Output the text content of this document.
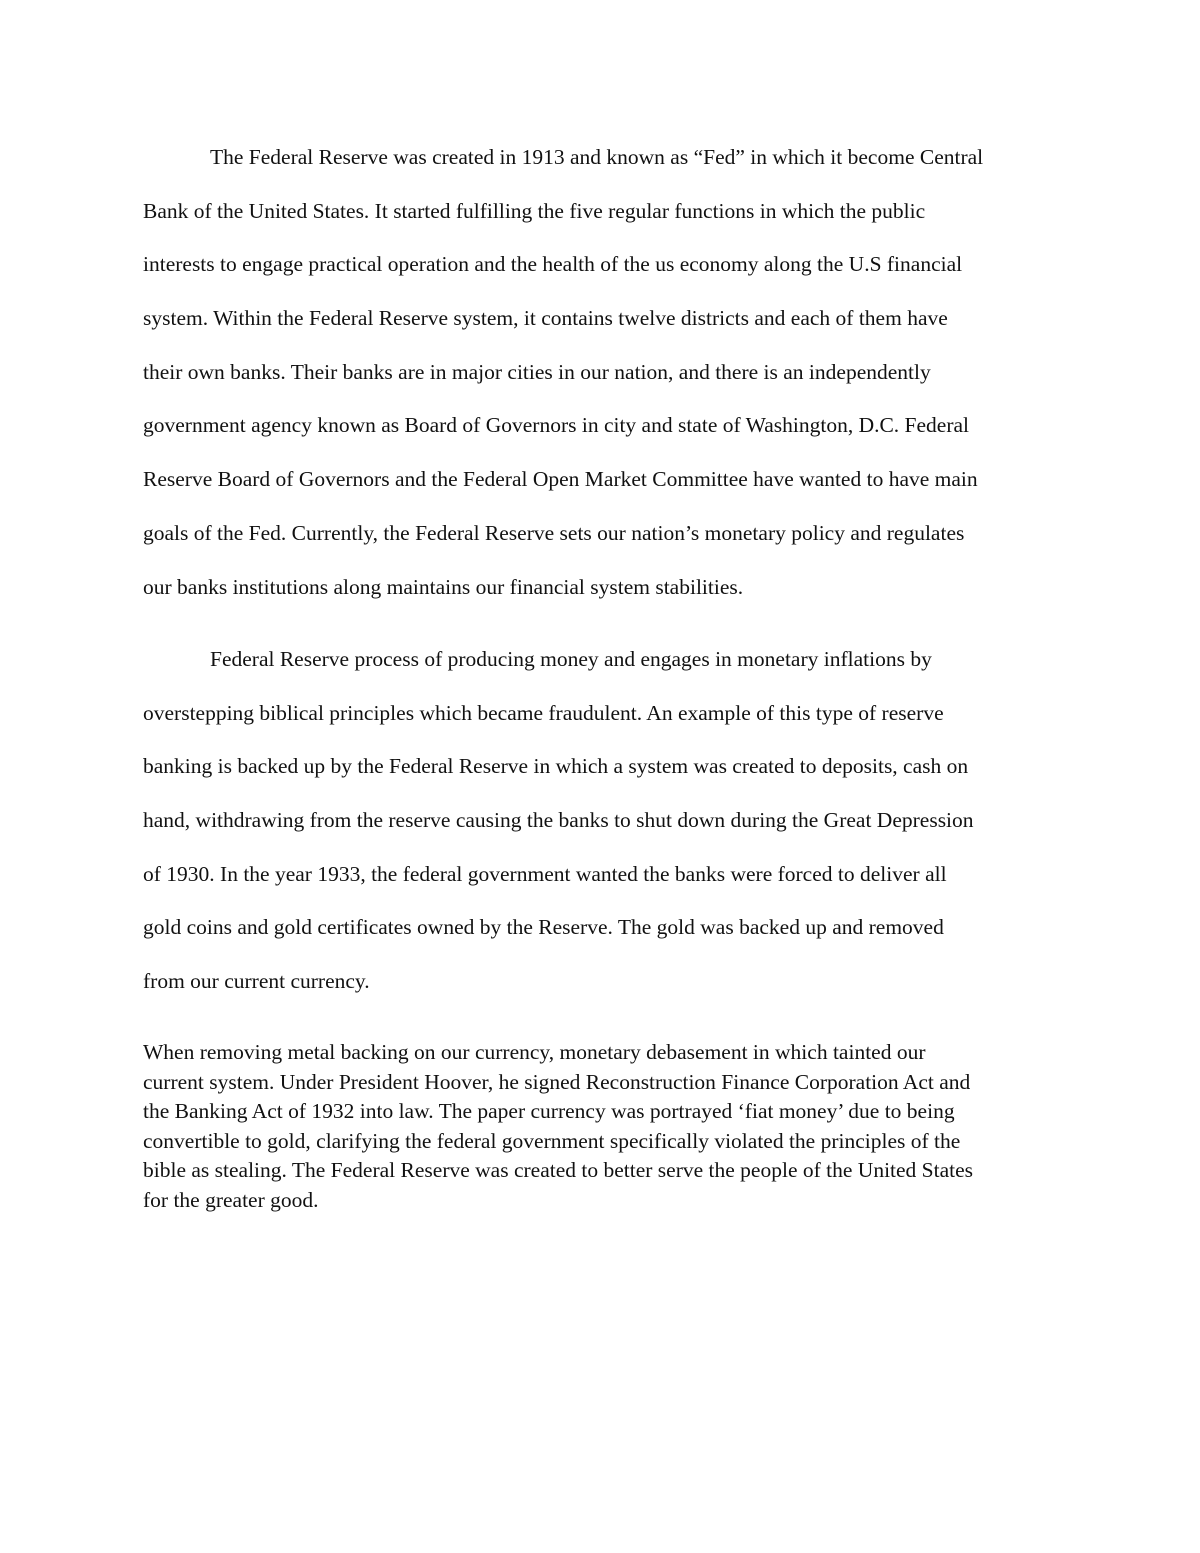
The Federal Reserve was created in 1913 and known as “Fed” in which it become Central
Bank of the United States. It started fulfilling the five regular functions in which the public
interests to engage practical operation and the health of the us economy along the U.S financial
system. Within the Federal Reserve system, it contains twelve districts and each of them have
their own banks. Their banks are in major cities in our nation, and there is an independently
government agency known as Board of Governors in city and state of Washington, D.C. Federal
Reserve Board of Governors and the Federal Open Market Committee have wanted to have main
goals of the Fed. Currently, the Federal Reserve sets our nation’s monetary policy and regulates
our banks institutions along maintains our financial system stabilities.
Federal Reserve process of producing money and engages in monetary inflations by
overstepping biblical principles which became fraudulent. An example of this type of reserve
banking is backed up by the Federal Reserve in which a system was created to deposits, cash on
hand, withdrawing from the reserve causing the banks to shut down during the Great Depression
of 1930. In the year 1933, the federal government wanted the banks were forced to deliver all
gold coins and gold certificates owned by the Reserve. The gold was backed up and removed
from our current currency.
When removing metal backing on our currency, monetary debasement in which tainted our
current system. Under President Hoover, he signed Reconstruction Finance Corporation Act and
the Banking Act of 1932 into law. The paper currency was portrayed ‘fiat money’ due to being
convertible to gold, clarifying the federal government specifically violated the principles of the
bible as stealing. The Federal Reserve was created to better serve the people of the United States
for the greater good.
